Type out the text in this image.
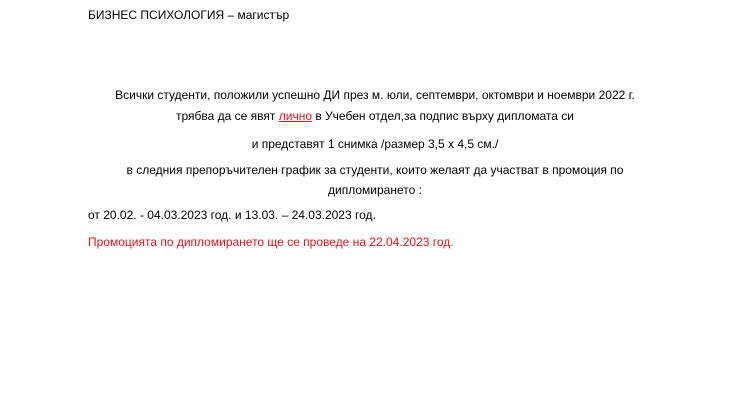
БИЗНЕС ПСИХОЛОГИЯ – магистър
Всички студенти, положили успешно ДИ през м. юли, септември, октомври и ноември 2022 г.
трябва да се явят лично в Учебен отдел,за подпис върху дипломата си
и представят 1 снимка /размер 3,5 х 4,5 см./
в следния препоръчителен график за студенти, които желаят да участват в промоция по
дипломирането :
от 20.02. - 04.03.2023 год. и 13.03. – 24.03.2023 год.
Промоцията по дипломирането ще се проведе на 22.04.2023 год.
